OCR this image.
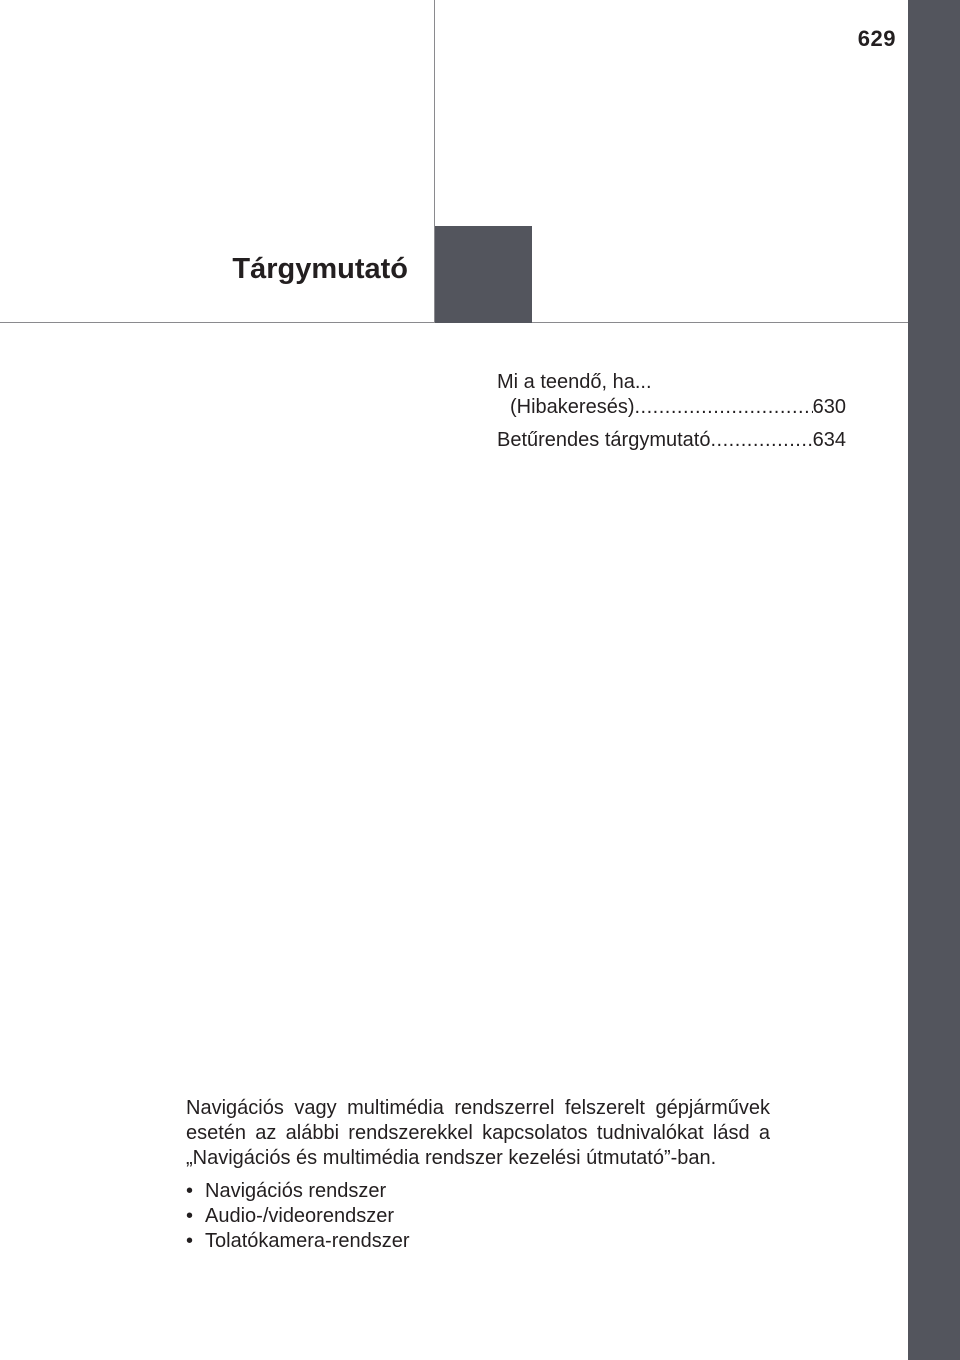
629
Tárgymutató
Mi a teendő, ha...
(Hibakeresés) .....	630
Betűrendes tárgymutató .....	634

Navigációs vagy multimédia rendszerrel felszerelt gépjárművek esetén az alábbi rendszerekkel kapcsolatos tudnivalókat lásd a „Navigációs és multimédia rendszer kezelési útmutató”-ban.

• Navigációs rendszer
• Audio-/videorendszer
• Tolatókamera-rendszer
